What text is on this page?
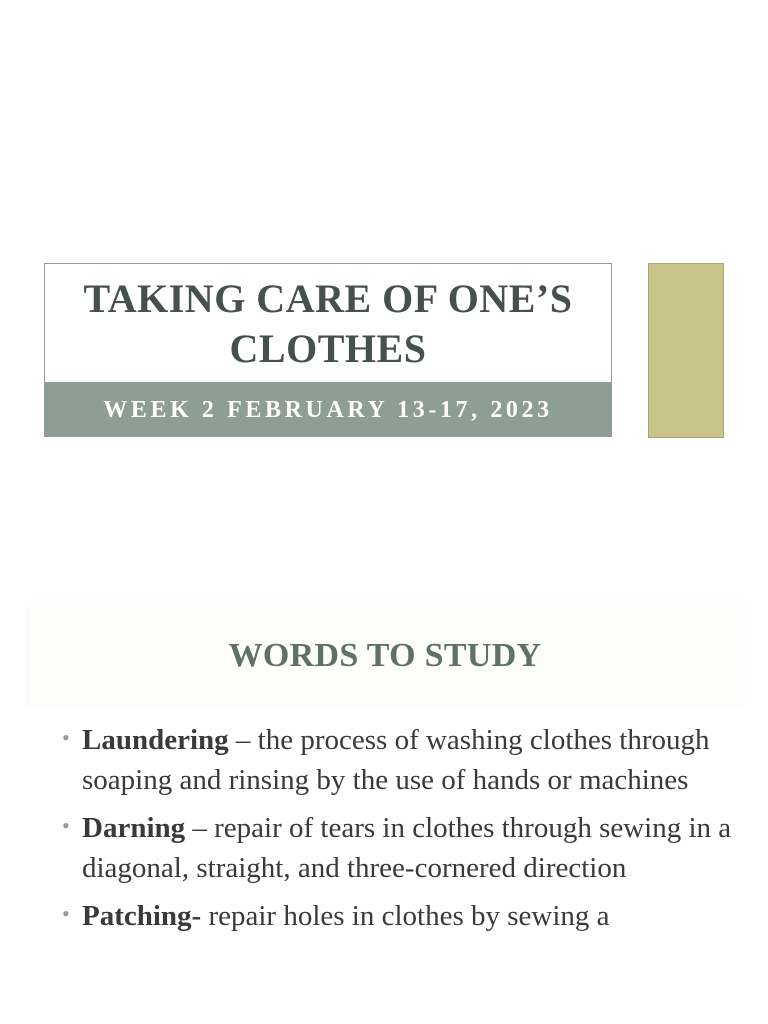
TAKING CARE OF ONE’S CLOTHES
WEEK 2 FEBRUARY 13-17, 2023
WORDS TO STUDY
• Laundering – the process of washing clothes through soaping and rinsing by the use of hands or machines
• Darning – repair of tears in clothes through sewing in a diagonal, straight, and three-cornered direction
• Patching- repair holes in clothes by sewing a
